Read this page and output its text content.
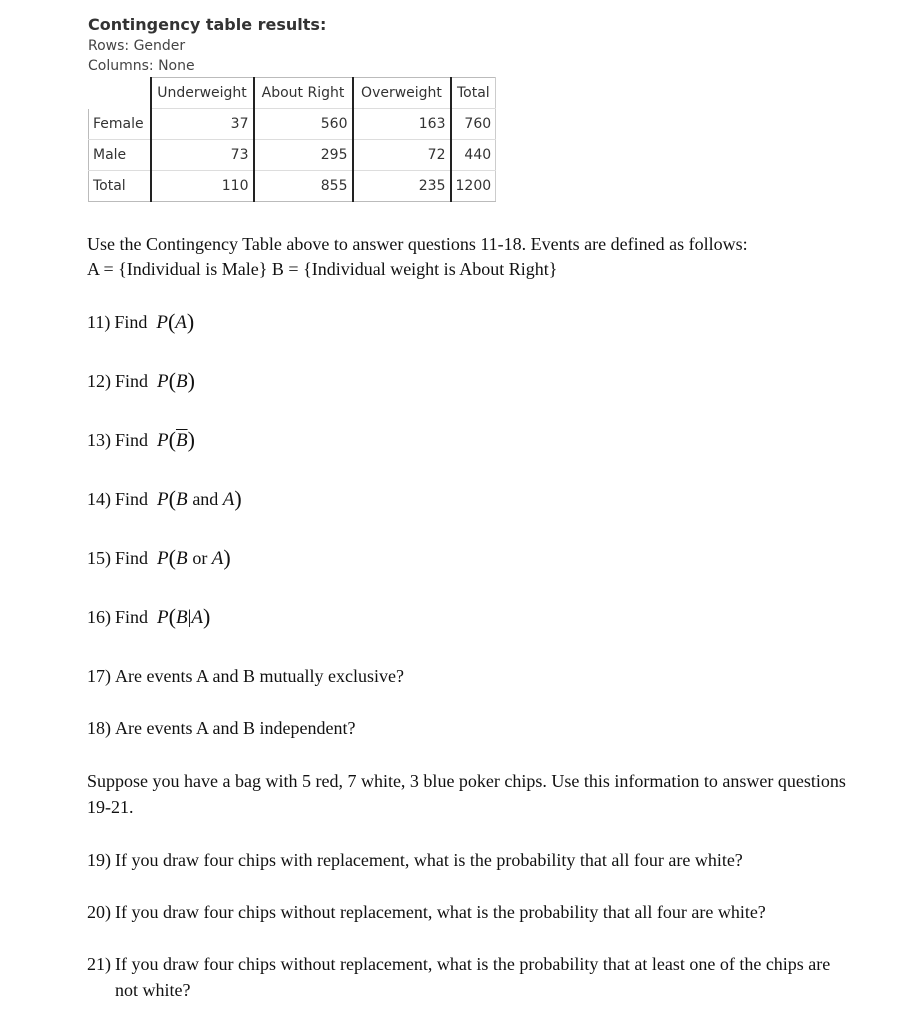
Contingency table results:
Rows: Gender
Columns: None
	Underweight	About Right	Overweight	Total
Female	37	560	163	760
Male	73	295	72	440
Total	110	855	235	1200

Use the Contingency Table above to answer questions 11-18. Events are defined as follows:

A = {Individual is Male} B = {Individual weight is About Right}

11) Find P(A)
12) Find P(B)
13) Find $P(\overline{B})$
14) Find P(B and A)
15) Find P(B or A)
16) Find P(B|A)
17) Are events A and B mutually exclusive?
18) Are events A and B independent?
Suppose you have a bag with 5 red, 7 white, 3 blue poker chips. Use this information to answer questions 19-21.
19) If you draw four chips with replacement, what is the probability that all four are white?
20) If you draw four chips without replacement, what is the probability that all four are white?
21) If you draw four chips without replacement, what is the probability that at least one of the chips are not white?
